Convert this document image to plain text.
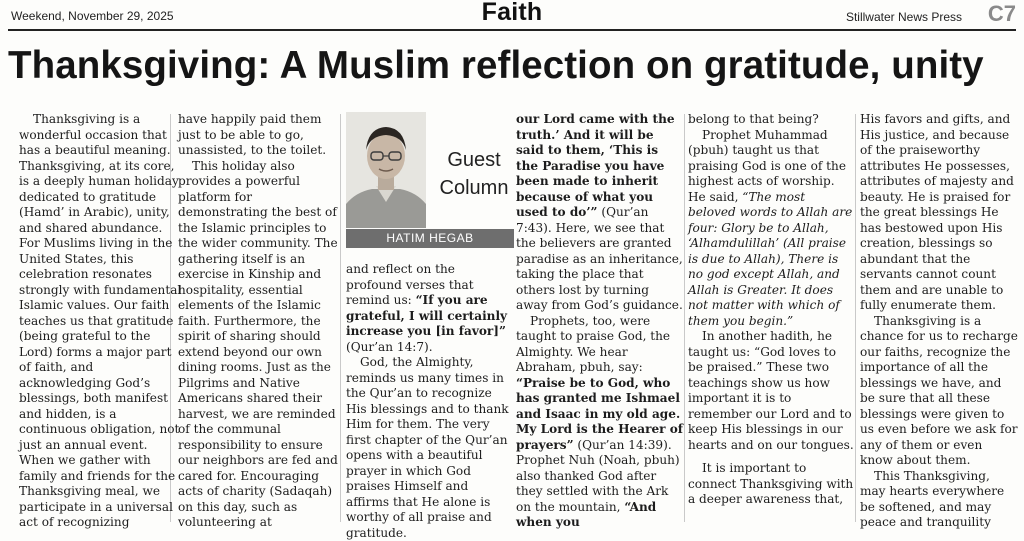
Weekend, November 29, 2025	Faith	Stillwater News Press C7
Thanksgiving: A Muslim reflection on gratitude, unity

Thanksgiving is a wonderful occasion that has a beautiful meaning. Thanksgiving, at its core, is a deeply human holiday dedicated to gratitude (Hamd’ in Arabic), unity, and shared abundance. For Muslims living in the United States, this celebration resonates strongly with fundamental Islamic values. Our faith teaches us that gratitude (being grateful to the Lord) forms a major part of faith, and acknowledging God’s blessings, both manifest and hidden, is a continuous obligation, not just an annual event. When we gather with family and friends for the Thanksgiving meal, we participate in a universal act of recognizing

have happily paid them just to be able to go, unassisted, to the toilet.

This holiday also provides a powerful platform for demonstrating the best of the Islamic principles to the wider community. The gathering itself is an exercise in Kinship and hospitality, essential elements of the Islamic faith. Furthermore, the spirit of sharing should extend beyond our own dining rooms. Just as the Pilgrims and Native Americans shared their harvest, we are reminded of the communal responsibility to ensure our neighbors are fed and cared for. Encouraging acts of charity (Sadaqah) on this day, such as volunteering at

Guest
Column
HATIM HEGAB

and reflect on the profound verses that remind us: “If you are grateful, I will certainly increase you [in favor]” (Qur’an 14:7).

God, the Almighty, reminds us many times in the Qur’an to recognize His blessings and to thank Him for them. The very first chapter of the Qur’an opens with a beautiful prayer in which God praises Himself and affirms that He alone is worthy of all praise and gratitude.

our Lord came with the truth.’ And it will be said to them, ‘This is the Paradise you have been made to inherit because of what you used to do’” (Qur’an 7:43). Here, we see that the believers are granted paradise as an inheritance, taking the place that others lost by turning away from God’s guidance.

Prophets, too, were taught to praise God, the Almighty. We hear Abraham, pbuh, say: “Praise be to God, who has granted me Ishmael and Isaac in my old age. My Lord is the Hearer of prayers” (Qur’an 14:39). Prophet Nuh (Noah, pbuh) also thanked God after they settled with the Ark on the mountain, “And when you

belong to that being?

Prophet Muhammad (pbuh) taught us that praising God is one of the highest acts of worship. He said, “The most beloved words to Allah are four: Glory be to Allah, ‘Alhamdulillah’ (All praise is due to Allah), There is no god except Allah, and Allah is Greater. It does not matter with which of them you begin.”

In another hadith, he taught us: “God loves to be praised.” These two teachings show us how important it is to remember our Lord and to keep His blessings in our hearts and on our tongues.

It is important to connect Thanksgiving with a deeper awareness that,

His favors and gifts, and His justice, and because of the praiseworthy attributes He possesses, attributes of majesty and beauty. He is praised for the great blessings He has bestowed upon His creation, blessings so abundant that the servants cannot count them and are unable to fully enumerate them.

Thanksgiving is a chance for us to recharge our faiths, recognize the importance of all the blessings we have, and be sure that all these blessings were given to us even before we ask for any of them or even know about them.

This Thanksgiving, may hearts everywhere be softened, and may peace and tranquility
